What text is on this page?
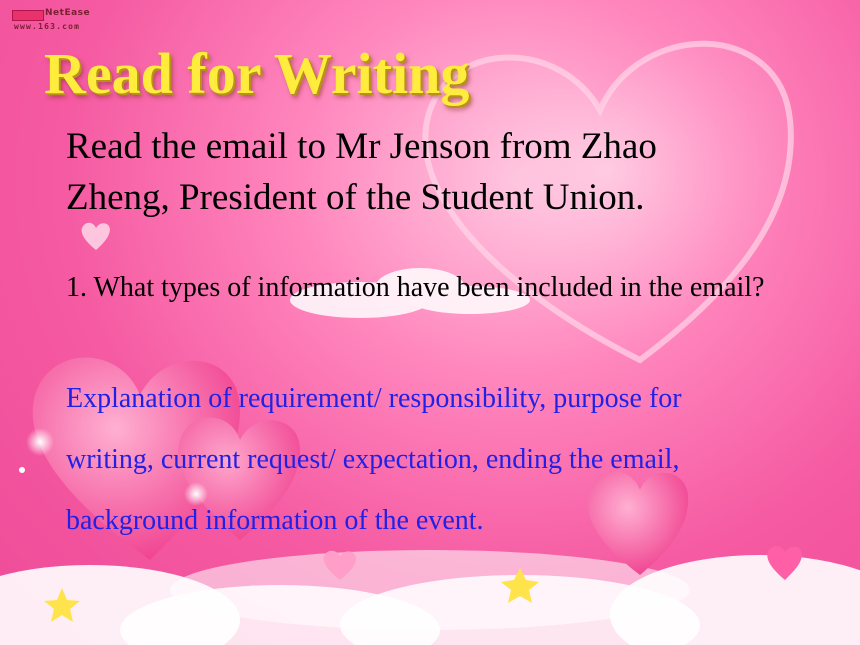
NetEase
www.163.com
Read for Writing

Read the email to Mr Jenson from Zhao Zheng, President of the Student Union.

1. What types of information have been included in the email?

Explanation of requirement/ responsibility, purpose for writing, current request/ expectation, ending the email, background information of the event.
